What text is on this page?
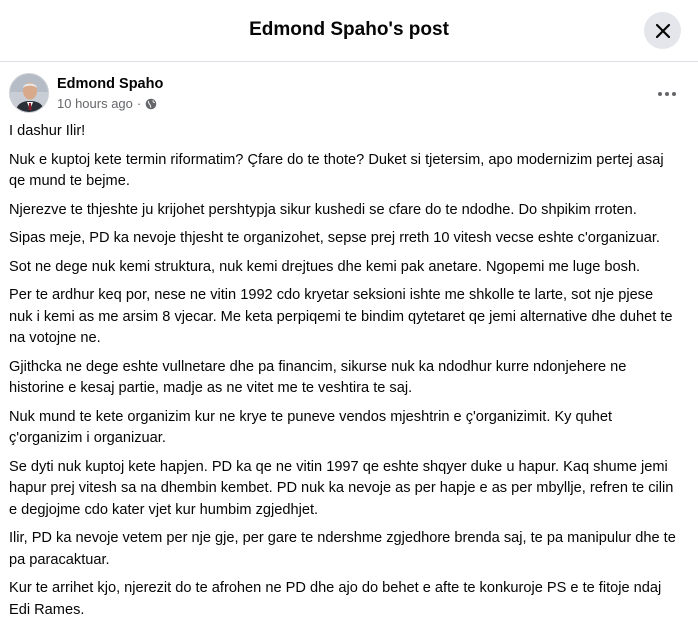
Edmond Spaho's post
Edmond Spaho
10 hours ago ·

I dashur Ilir!

Nuk e kuptoj kete termin riformatim? Çfare do te thote? Duket si tjetersim, apo modernizim pertej asaj qe mund te bejme.

Njerezve te thjeshte ju krijohet pershtypja sikur kushedi se cfare do te ndodhe. Do shpikim rroten.

Sipas meje, PD ka nevoje thjesht te organizohet, sepse prej rreth 10 vitesh vecse eshte c'organizuar.

Sot ne dege nuk kemi struktura, nuk kemi drejtues dhe kemi pak anetare. Ngopemi me luge bosh.

Per te ardhur keq por, nese ne vitin 1992 cdo kryetar seksioni ishte me shkolle te larte, sot nje pjese nuk i kemi as me arsim 8 vjecar. Me keta perpiqemi te bindim qytetaret qe jemi alternative dhe duhet te na votojne ne.

Gjithcka ne dege eshte vullnetare dhe pa financim, sikurse nuk ka ndodhur kurre ndonjehere ne historine e kesaj partie, madje as ne vitet me te veshtira te saj.

Nuk mund te kete organizim kur ne krye te puneve vendos mjeshtrin e ç'organizimit. Ky quhet ç'organizim i organizuar.

Se dyti nuk kuptoj kete hapjen. PD ka qe ne vitin 1997 qe eshte shqyer duke u hapur. Kaq shume jemi hapur prej vitesh sa na dhembin kembet. PD nuk ka nevoje as per hapje e as per mbyllje, refren te cilin e degjojme cdo kater vjet kur humbim zgjedhjet.

Ilir, PD ka nevoje vetem per nje gje, per gare te ndershme zgjedhore brenda saj, te pa manipulur dhe te pa paracaktuar.

Kur te arrihet kjo, njerezit do te afrohen ne PD dhe ajo do behet e afte te konkuroje PS e te fitoje ndaj Edi Rames.
